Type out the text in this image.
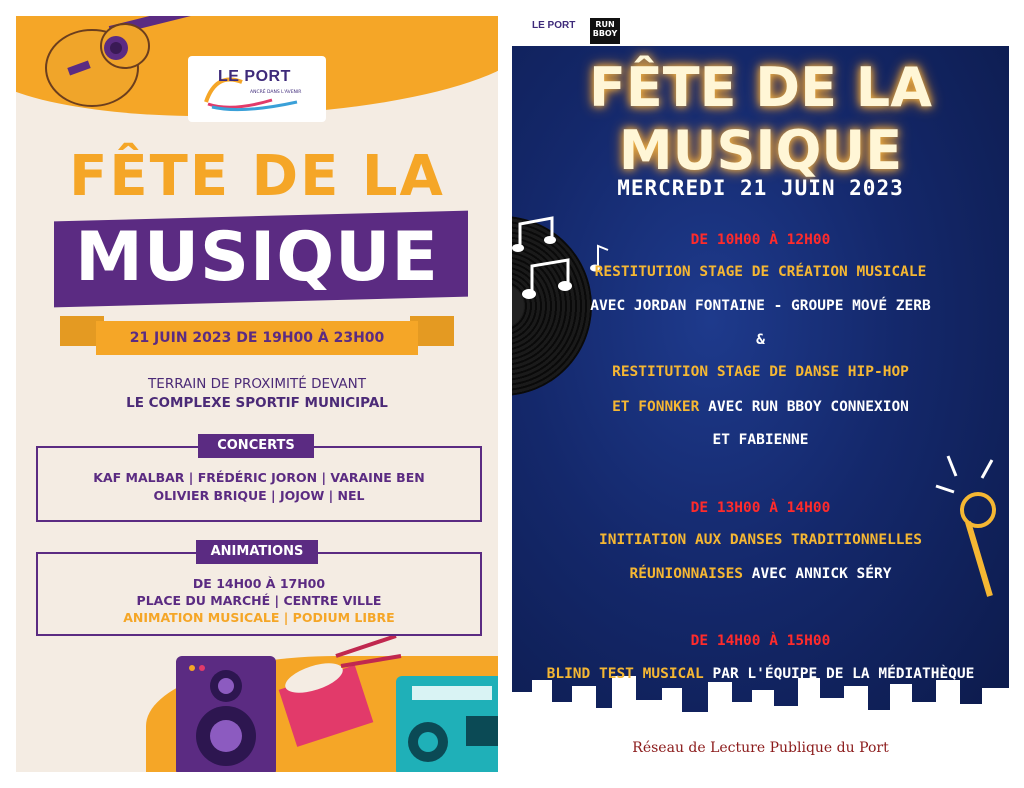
LE PORT
ANCRÉ DANS L'AVENIR
FÊTE DE LA
MUSIQUE
21 JUIN 2023 DE 19H00 À 23H00
TERRAIN DE PROXIMITÉ DEVANT
LE COMPLEXE SPORTIF MUNICIPAL
KAF MALBAR | FRÉDÉRIC JORON | VARAINE BEN
OLIVIER BRIQUE | JOJOW | NEL
CONCERTS
DE 14H00 À 17H00
PLACE DU MARCHÉ | CENTRE VILLE
ANIMATION MUSICALE | PODIUM LIBRE
ANIMATIONS
LE PORT	RUN
BBOY
FÊTE DE LA MUSIQUE
MERCREDI 21 JUIN 2023
DE 10H00 À 12H00
RESTITUTION STAGE DE CRÉATION MUSICALE
AVEC JORDAN FONTAINE - GROUPE MOVÉ ZERB
&
RESTITUTION STAGE DE DANSE HIP-HOP
ET FONNKER AVEC RUN BBOY CONNEXION
ET FABIENNE
DE 13H00 À 14H00
INITIATION AUX DANSES TRADITIONNELLES
RÉUNIONNAISES AVEC ANNICK SÉRY
DE 14H00 À 15H00
BLIND TEST MUSICAL PAR L'ÉQUIPE DE LA MÉDIATHÈQUE
Réseau de Lecture Publique du Port
